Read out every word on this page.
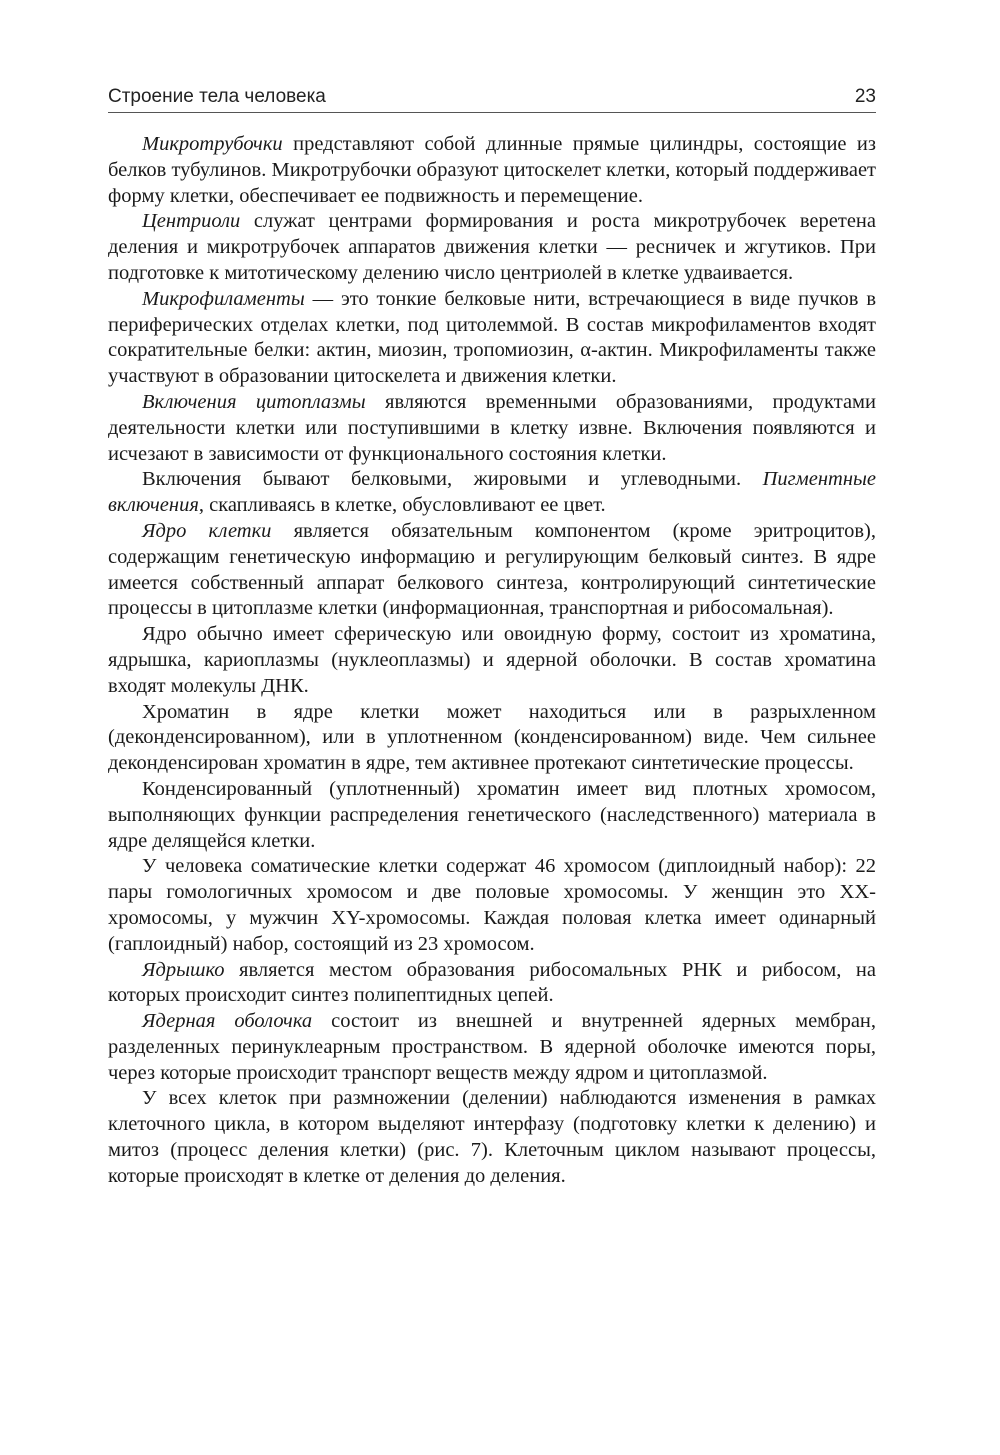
Строение тела человека	23

Микротрубочки представляют собой длинные прямые цилиндры, состоящие из белков тубулинов. Микротрубочки образуют цитоскелет клетки, который поддерживает форму клетки, обеспечивает ее подвижность и перемещение.

Центриоли служат центрами формирования и роста микротрубочек веретена деления и микротрубочек аппаратов движения клетки — ресничек и жгутиков. При подготовке к митотическому делению число центриолей в клетке удваивается.

Микрофиламенты — это тонкие белковые нити, встречающиеся в виде пучков в периферических отделах клетки, под цитолеммой. В состав микрофиламентов входят сократительные белки: актин, миозин, тропомиозин, α-актин. Микрофиламенты также участвуют в образовании цитоскелета и движения клетки.

Включения цитоплазмы являются временными образованиями, продуктами деятельности клетки или поступившими в клетку извне. Включения появляются и исчезают в зависимости от функционального состояния клетки.

Включения бывают белковыми, жировыми и углеводными. Пигментные включения, скапливаясь в клетке, обусловливают ее цвет.

Ядро клетки является обязательным компонентом (кроме эритроцитов), содержащим генетическую информацию и регулирующим белковый синтез. В ядре имеется собственный аппарат белкового синтеза, контролирующий синтетические процессы в цитоплазме клетки (информационная, транспортная и рибосомальная).

Ядро обычно имеет сферическую или овоидную форму, состоит из хроматина, ядрышка, кариоплазмы (нуклеоплазмы) и ядерной оболочки. В состав хроматина входят молекулы ДНК.

Хроматин в ядре клетки может находиться или в разрыхленном (деконденсированном), или в уплотненном (конденсированном) виде. Чем сильнее деконденсирован хроматин в ядре, тем активнее протекают синтетические процессы.

Конденсированный (уплотненный) хроматин имеет вид плотных хромосом, выполняющих функции распределения генетического (наследственного) материала в ядре делящейся клетки.

У человека соматические клетки содержат 46 хромосом (диплоидный набор): 22 пары гомологичных хромосом и две половые хромосомы. У женщин это XX-хромосомы, у мужчин XY-хромосомы. Каждая половая клетка имеет одинарный (гаплоидный) набор, состоящий из 23 хромосом.

Ядрышко является местом образования рибосомальных РНК и рибосом, на которых происходит синтез полипептидных цепей.

Ядерная оболочка состоит из внешней и внутренней ядерных мембран, разделенных перинуклеарным пространством. В ядерной оболочке имеются поры, через которые происходит транспорт веществ между ядром и цитоплазмой.

У всех клеток при размножении (делении) наблюдаются изменения в рамках клеточного цикла, в котором выделяют интерфазу (подготовку клетки к делению) и митоз (процесс деления клетки) (рис. 7). Клеточным циклом называют процессы, которые происходят в клетке от деления до деления.
